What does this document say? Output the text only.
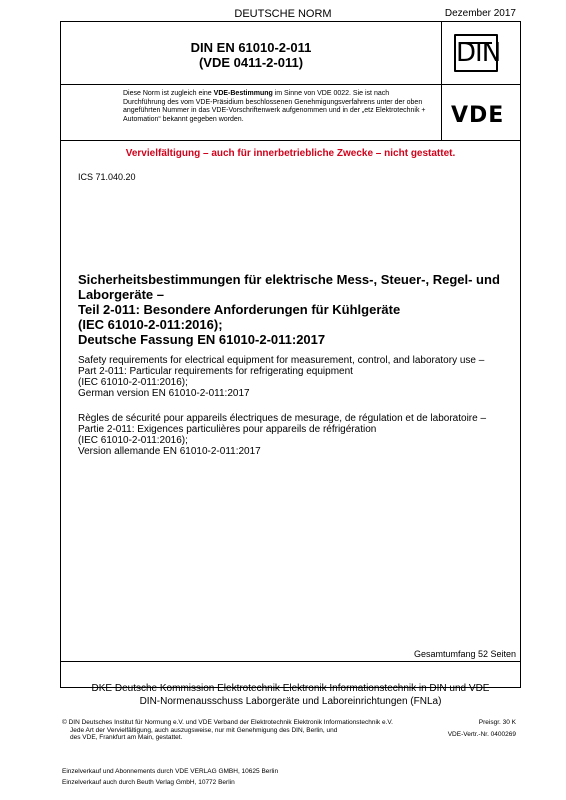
DEUTSCHE NORM	Dezember 2017
DIN EN 61010-2-011
(VDE 0411-2-011)	DIN
Diese Norm ist zugleich eine VDE-Bestimmung im Sinne von VDE 0022. Sie ist nach Durchführung des vom VDE-Präsidium beschlossenen Genehmigungsverfahrens unter der oben angeführten Nummer in das VDE-Vorschriftenwerk aufgenommen und in der „etz Elektrotechnik + Automation“ bekannt gegeben worden.	VDE
Vervielfältigung – auch für innerbetriebliche Zwecke – nicht gestattet.
ICS 71.040.20
Sicherheitsbestimmungen für elektrische Mess-, Steuer-, Regel- und
Laborgeräte –
Teil 2-011: Besondere Anforderungen für Kühlgeräte
(IEC 61010-2-011:2016);
Deutsche Fassung EN 61010-2-011:2017
Safety requirements for electrical equipment for measurement, control, and laboratory use –
Part 2-011: Particular requirements for refrigerating equipment
(IEC 61010-2-011:2016);
German version EN 61010-2-011:2017
Règles de sécurité pour appareils électriques de mesurage, de régulation et de laboratoire –
Partie 2-011: Exigences particulières pour appareils de réfrigération
(IEC 61010-2-011:2016);
Version allemande EN 61010-2-011:2017
Gesamtumfang 52 Seiten
DKE Deutsche Kommission Elektrotechnik Elektronik Informationstechnik in DIN und VDE
DIN-Normenausschuss Laborgeräte und Laboreinrichtungen (FNLa)
© DIN Deutsches Institut für Normung e.V. und VDE Verband der Elektrotechnik Elektronik Informationstechnik e.V.
Jede Art der Vervielfältigung, auch auszugsweise, nur mit Genehmigung des DIN, Berlin, und
des VDE, Frankfurt am Main, gestattet.
Preisgr. 30 K
VDE-Vertr.-Nr. 0400269
Einzelverkauf und Abonnements durch VDE VERLAG GMBH, 10625 Berlin
Einzelverkauf auch durch Beuth Verlag GmbH, 10772 Berlin
